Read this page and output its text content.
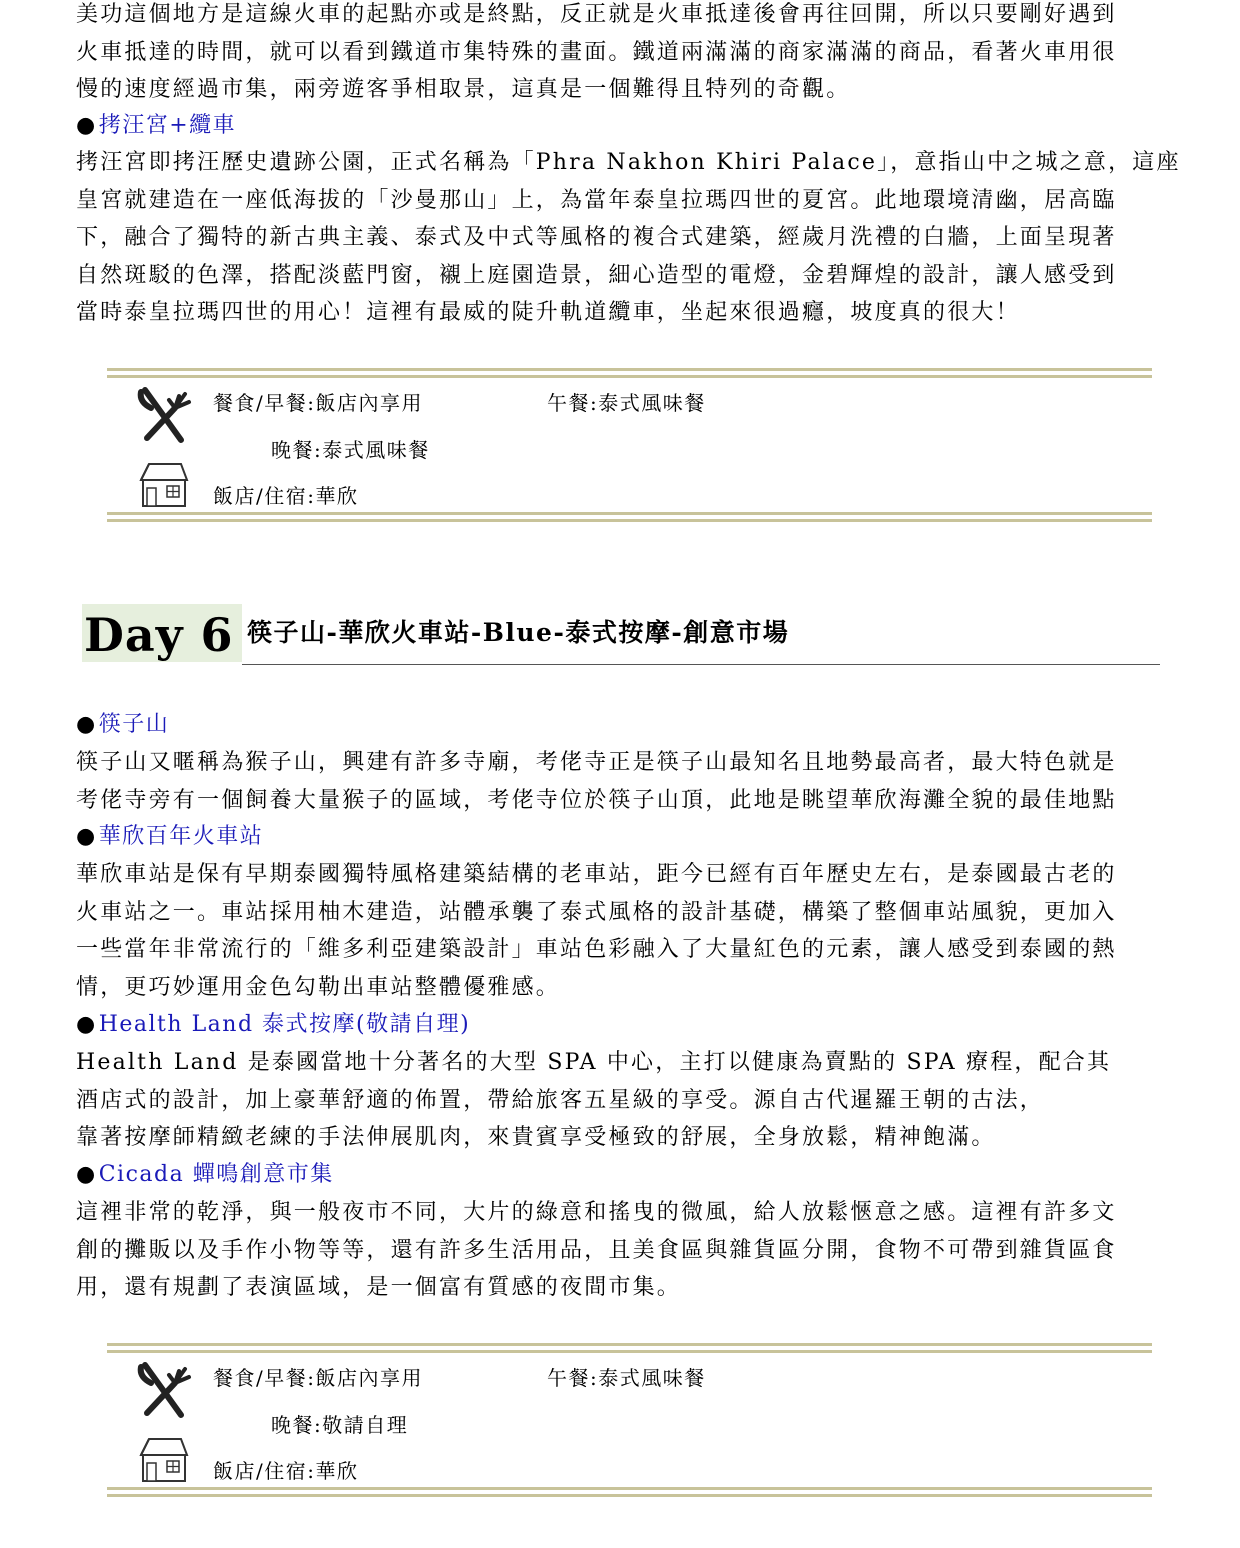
美功這個地方是這線火車的起點亦或是終點，反正就是火車抵達後會再往回開，所以只要剛好遇到
火車抵達的時間，就可以看到鐵道市集特殊的畫面。鐵道兩滿滿的商家滿滿的商品，看著火車用很
慢的速度經過市集，兩旁遊客爭相取景，這真是一個難得且特列的奇觀。
●拷汪宮+纜車
拷汪宮即拷汪歷史遺跡公園，正式名稱為「Phra Nakhon Khiri Palace」，意指山中之城之意，這座
皇宮就建造在一座低海拔的「沙曼那山」上，為當年泰皇拉瑪四世的夏宮。此地環境清幽，居高臨
下，融合了獨特的新古典主義、泰式及中式等風格的複合式建築，經歲月洗禮的白牆，上面呈現著
自然斑駁的色澤，搭配淡藍門窗，襯上庭園造景，細心造型的電燈，金碧輝煌的設計，讓人感受到
當時泰皇拉瑪四世的用心！這裡有最威的陡升軌道纜車，坐起來很過癮，坡度真的很大！
餐食/早餐:飯店內享用	午餐:泰式風味餐
晚餐:泰式風味餐
飯店/住宿:華欣
Day 6 筷子山-華欣火車站-Blue-泰式按摩-創意市場
●筷子山
筷子山又暱稱為猴子山，興建有許多寺廟，考佬寺正是筷子山最知名且地勢最高者，最大特色就是
考佬寺旁有一個飼養大量猴子的區域，考佬寺位於筷子山頂，此地是眺望華欣海灘全貌的最佳地點
●華欣百年火車站
華欣車站是保有早期泰國獨特風格建築結構的老車站，距今已經有百年歷史左右，是泰國最古老的
火車站之一。車站採用柚木建造，站體承襲了泰式風格的設計基礎，構築了整個車站風貌，更加入
一些當年非常流行的「維多利亞建築設計」車站色彩融入了大量紅色的元素，讓人感受到泰國的熱
情，更巧妙運用金色勾勒出車站整體優雅感。
●Health Land 泰式按摩(敬請自理)
Health Land 是泰國當地十分著名的大型 SPA 中心，主打以健康為賣點的 SPA 療程，配合其
酒店式的設計，加上豪華舒適的佈置，帶給旅客五星級的享受。源自古代暹羅王朝的古法，
靠著按摩師精緻老練的手法伸展肌肉，來貴賓享受極致的舒展，全身放鬆，精神飽滿。
●Cicada 蟬鳴創意市集
這裡非常的乾淨，與一般夜市不同，大片的綠意和搖曳的微風，給人放鬆愜意之感。這裡有許多文
創的攤販以及手作小物等等，還有許多生活用品，且美食區與雜貨區分開，食物不可帶到雜貨區食
用，還有規劃了表演區域，是一個富有質感的夜間市集。
餐食/早餐:飯店內享用	午餐:泰式風味餐
晚餐:敬請自理
飯店/住宿:華欣
